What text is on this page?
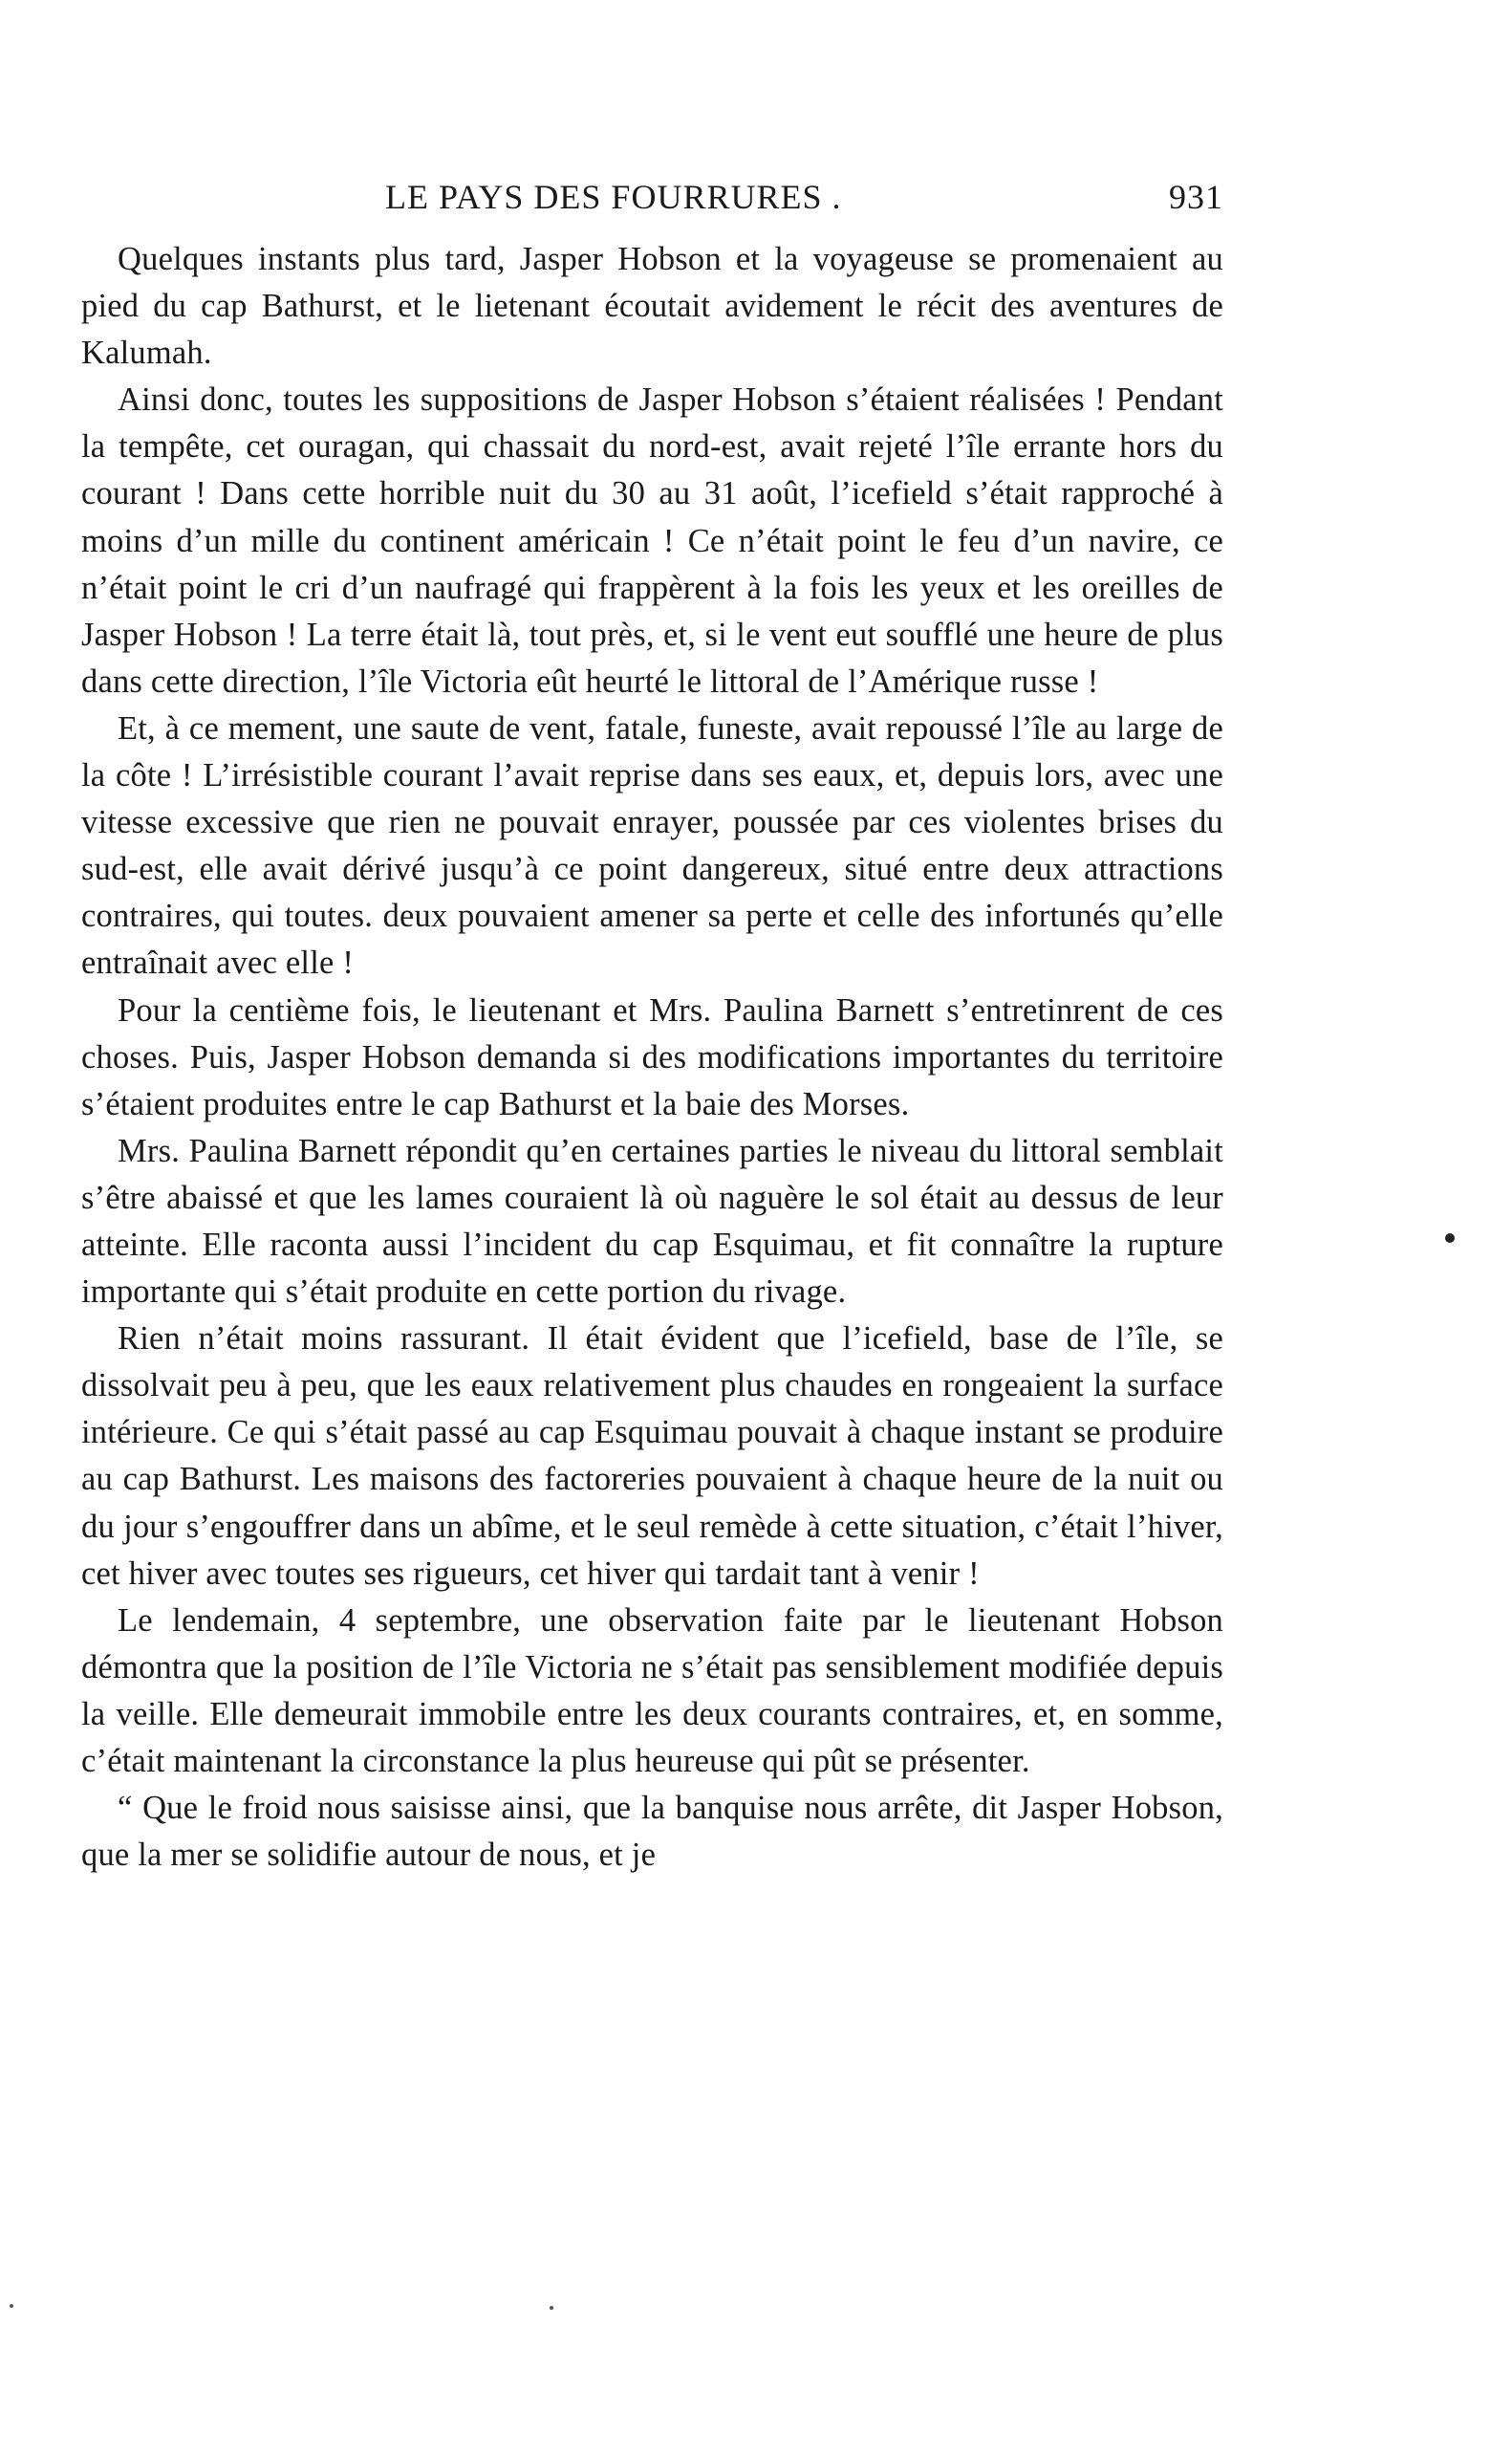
LE PAYS DES FOURRURES .	931

Quelques instants plus tard, Jasper Hobson et la voyageuse se promenaient au pied du cap Bathurst, et le lietenant écoutait avidement le récit des aventures de Kalumah.

Ainsi donc, toutes les suppositions de Jasper Hobson s’étaient réalisées ! Pendant la tempête, cet ouragan, qui chassait du nord-est, avait rejeté l’île errante hors du courant ! Dans cette horrible nuit du 30 au 31 août, l’icefield s’était rapproché à moins d’un mille du continent américain ! Ce n’était point le feu d’un navire, ce n’était point le cri d’un naufragé qui frappèrent à la fois les yeux et les oreilles de Jasper Hobson ! La terre était là, tout près, et, si le vent eut soufflé une heure de plus dans cette direction, l’île Victoria eût heurté le littoral de l’Amérique russe !

Et, à ce mement, une saute de vent, fatale, funeste, avait repoussé l’île au large de la côte ! L’irrésistible courant l’avait reprise dans ses eaux, et, depuis lors, avec une vitesse excessive que rien ne pouvait enrayer, poussée par ces violentes brises du sud-est, elle avait dérivé jusqu’à ce point dangereux, situé entre deux attractions contraires, qui toutes. deux pouvaient amener sa perte et celle des infortunés qu’elle entraînait avec elle !

Pour la centième fois, le lieutenant et Mrs. Paulina Barnett s’entretinrent de ces choses. Puis, Jasper Hobson demanda si des modifications importantes du territoire s’étaient produites entre le cap Bathurst et la baie des Morses.

Mrs. Paulina Barnett répondit qu’en certaines parties le niveau du littoral semblait s’être abaissé et que les lames couraient là où naguère le sol était au dessus de leur atteinte. Elle raconta aussi l’incident du cap Esquimau, et fit connaître la rupture importante qui s’était produite en cette portion du rivage.

Rien n’était moins rassurant. Il était évident que l’icefield, base de l’île, se dissolvait peu à peu, que les eaux relativement plus chaudes en rongeaient la surface intérieure. Ce qui s’était passé au cap Esquimau pouvait à chaque instant se produire au cap Bathurst. Les maisons des factoreries pouvaient à chaque heure de la nuit ou du jour s’engouffrer dans un abîme, et le seul remède à cette situation, c’était l’hiver, cet hiver avec toutes ses rigueurs, cet hiver qui tardait tant à venir !

Le lendemain, 4 septembre, une observation faite par le lieutenant Hobson démontra que la position de l’île Victoria ne s’était pas sensiblement modifiée depuis la veille. Elle demeurait immobile entre les deux courants contraires, et, en somme, c’était maintenant la circonstance la plus heureuse qui pût se présenter.

“ Que le froid nous saisisse ainsi, que la banquise nous arrête, dit Jasper Hobson, que la mer se solidifie autour de nous, et je
